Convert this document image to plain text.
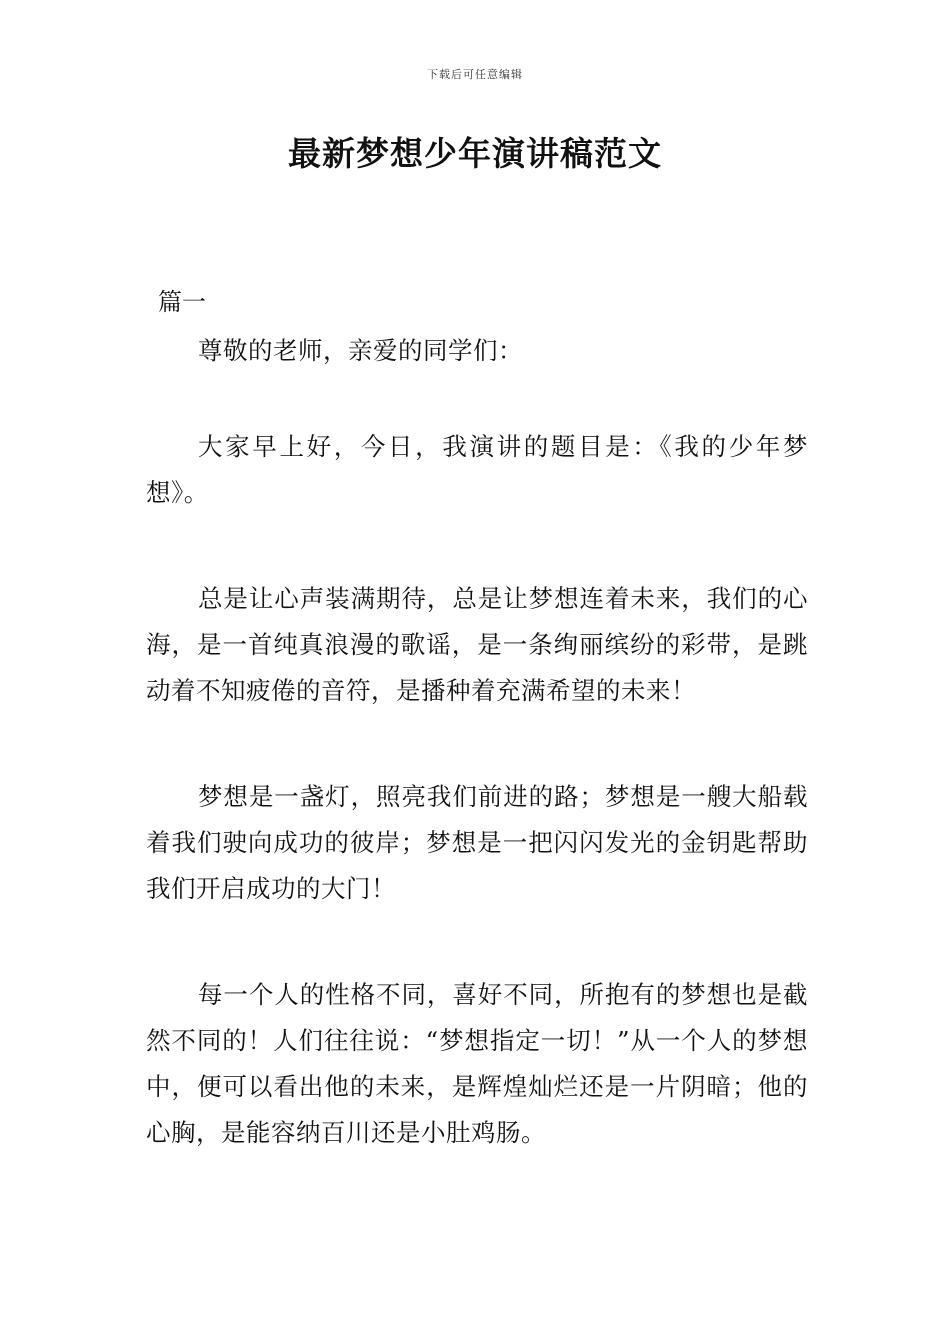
下载后可任意编辑
最新梦想少年演讲稿范文
篇一

尊敬的老师，亲爱的同学们：

大家早上好，今日，我演讲的题目是：《我的少年梦想》。

总是让心声装满期待，总是让梦想连着未来，我们的心海，是一首纯真浪漫的歌谣，是一条绚丽缤纷的彩带，是跳动着不知疲倦的音符，是播种着充满希望的未来！

梦想是一盏灯，照亮我们前进的路；梦想是一艘大船载着我们驶向成功的彼岸；梦想是一把闪闪发光的金钥匙帮助我们开启成功的大门！

每一个人的性格不同，喜好不同，所抱有的梦想也是截然不同的！人们往往说：“梦想指定一切！”从一个人的梦想中，便可以看出他的未来，是辉煌灿烂还是一片阴暗；他的心胸，是能容纳百川还是小肚鸡肠。
